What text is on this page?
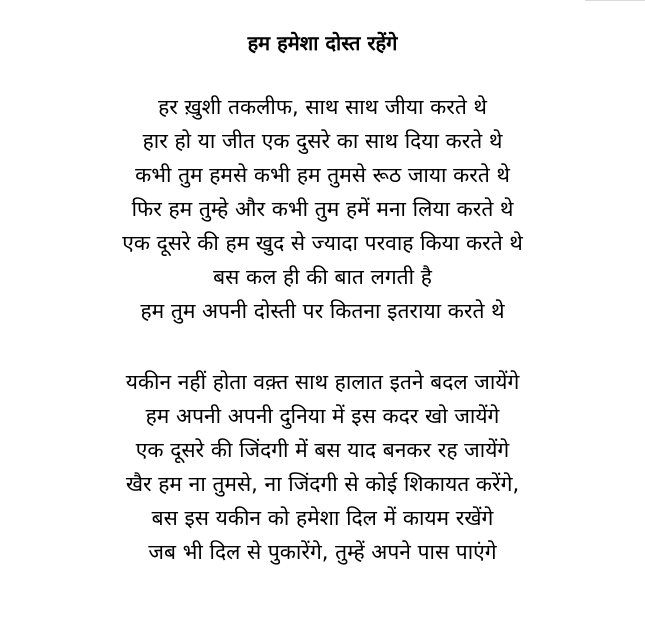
हम हमेशा दोस्त रहेंगे
हर ख़ुशी तकलीफ, साथ साथ जीया करते थे
हार हो या जीत एक दुसरे का साथ दिया करते थे
कभी तुम हमसे कभी हम तुमसे रूठ जाया करते थे
फिर हम तुम्हे और कभी तुम हमें मना लिया करते थे
एक दूसरे की हम खुद से ज्यादा परवाह किया करते थे
बस कल ही की बात लगती है
हम तुम अपनी दोस्ती पर कितना इतराया करते थे
यकीन नहीं होता वक़्त साथ हालात इतने बदल जायेंगे
हम अपनी अपनी दुनिया में इस कदर खो जायेंगे
एक दूसरे की जिंदगी में बस याद बनकर रह जायेंगे
खैर हम ना तुमसे, ना जिंदगी से कोई शिकायत करेंगे,
बस इस यकीन को हमेशा दिल में कायम रखेंगे
जब भी दिल से पुकारेंगे, तुम्हें अपने पास पाएंगे
